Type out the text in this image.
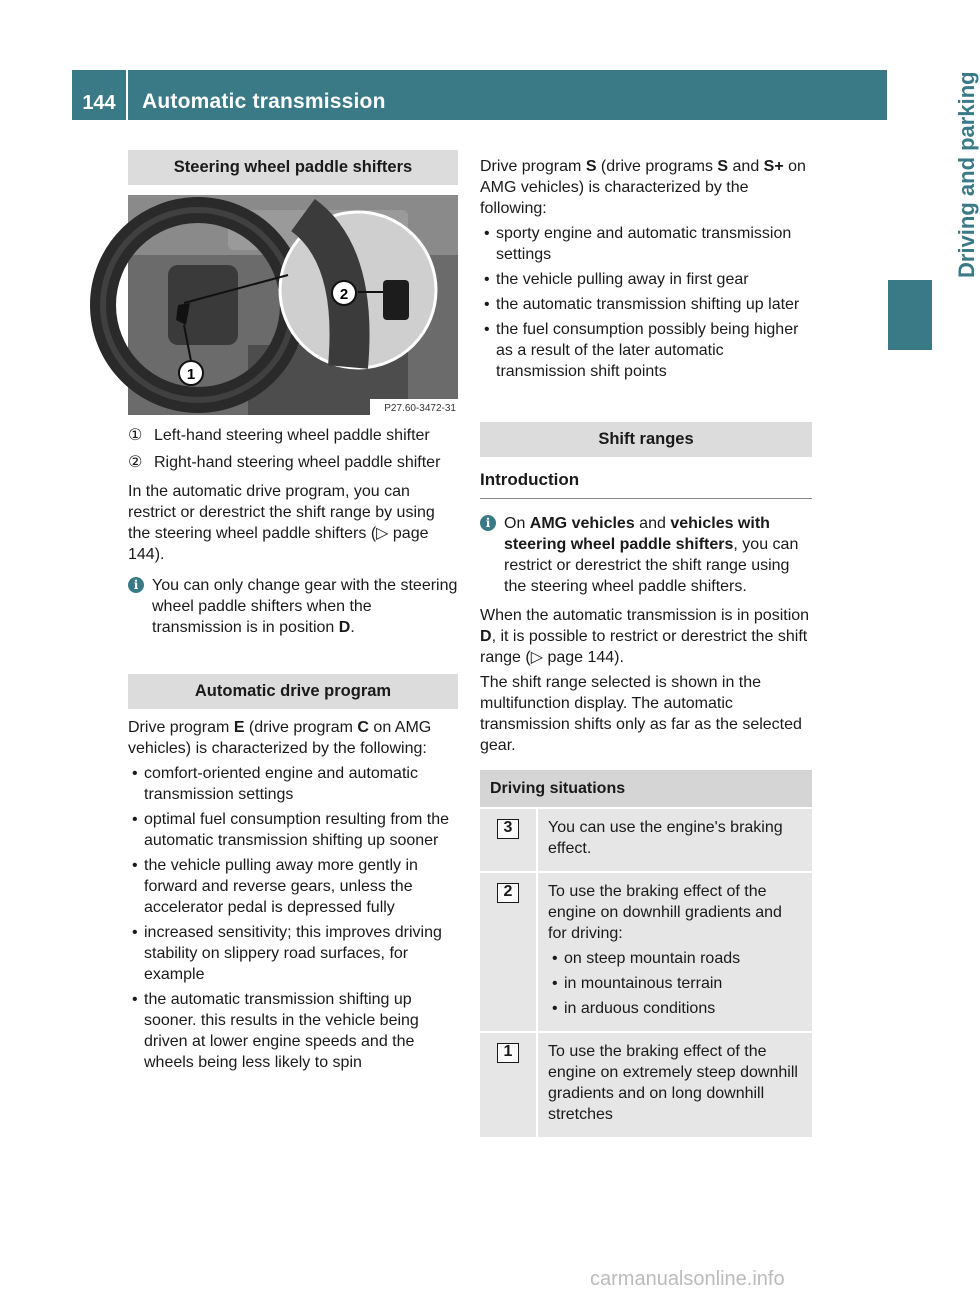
144	Automatic transmission	Driving and parking
Steering wheel paddle shifters
2
1
P27.60-3472-31
① Left-hand steering wheel paddle shifter
② Right-hand steering wheel paddle shifter

In the automatic drive program, you can restrict or derestrict the shift range by using the steering wheel paddle shifters (▷ page 144).

i You can only change gear with the steering wheel paddle shifters when the transmission is in position D.
Automatic drive program

Drive program E (drive program C on AMG vehicles) is characterized by the following:

• comfort-oriented engine and automatic transmission settings
• optimal fuel consumption resulting from the automatic transmission shifting up sooner
• the vehicle pulling away more gently in forward and reverse gears, unless the accelerator pedal is depressed fully
• increased sensitivity; this improves driving stability on slippery road surfaces, for example
• the automatic transmission shifting up sooner. this results in the vehicle being driven at lower engine speeds and the wheels being less likely to spin

Drive program S (drive programs S and S+ on AMG vehicles) is characterized by the following:

• sporty engine and automatic transmission settings
• the vehicle pulling away in first gear
• the automatic transmission shifting up later
• the fuel consumption possibly being higher as a result of the later automatic transmission shift points
Shift ranges
Introduction
i On AMG vehicles and vehicles with steering wheel paddle shifters, you can restrict or derestrict the shift range using the steering wheel paddle shifters.

When the automatic transmission is in position D, it is possible to restrict or derestrict the shift range (▷ page 144).

The shift range selected is shown in the multifunction display. The automatic transmission shifts only as far as the selected gear.

Driving situations
3	You can use the engine's braking effect.
2	To use the braking effect of the engine on downhill gradients and for driving:
• on steep mountain roads
• in mountainous terrain
• in arduous conditions
1	To use the braking effect of the engine on extremely steep downhill gradients and on long downhill stretches
carmanualsonline.info
